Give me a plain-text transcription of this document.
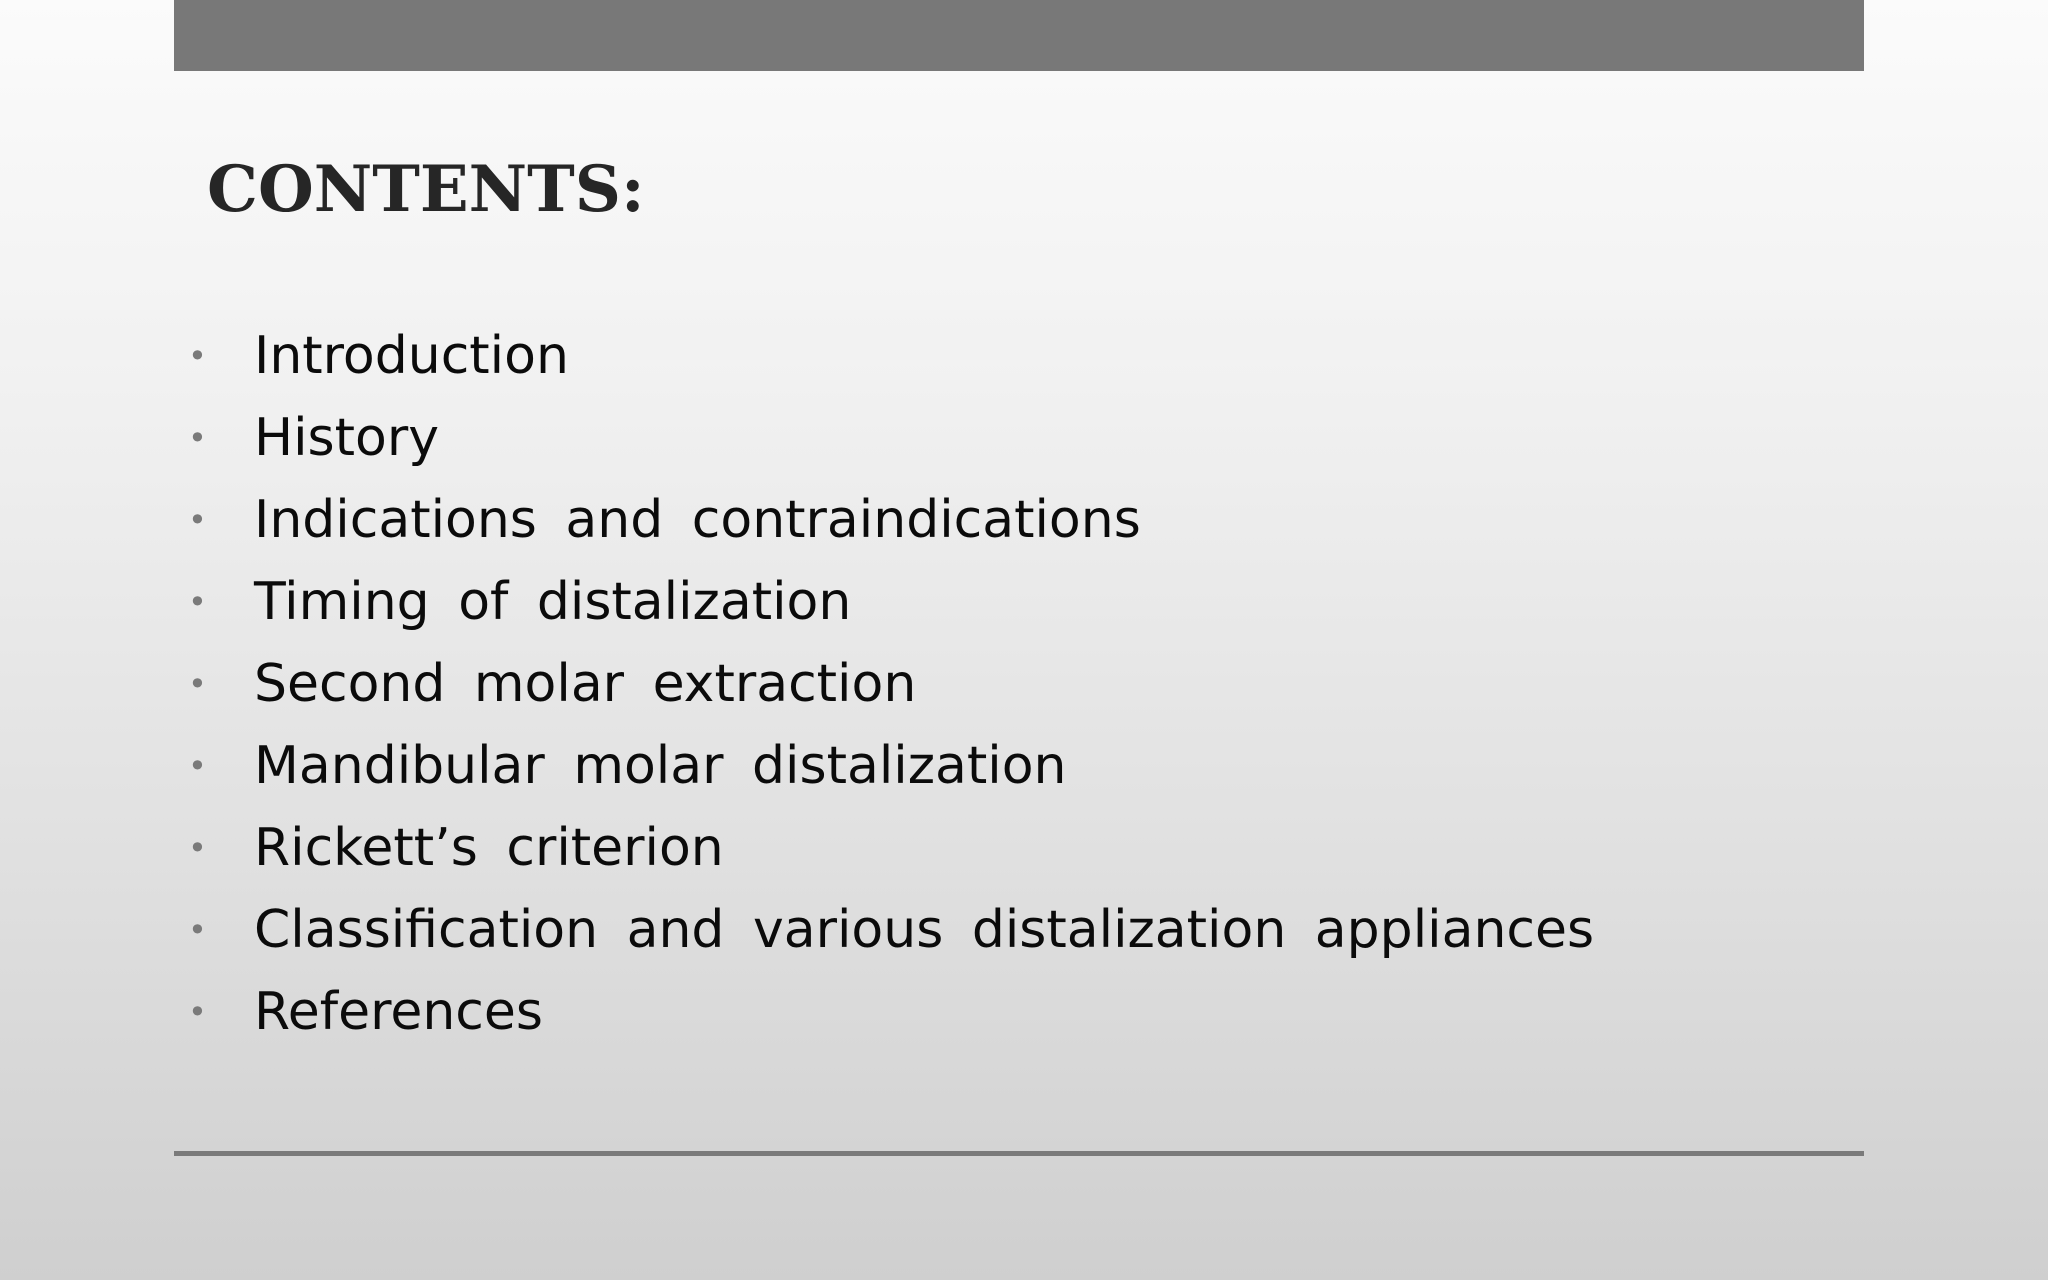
CONTENTS:
• Introduction
• History
• Indications and contraindications
• Timing of distalization
• Second molar extraction
• Mandibular molar distalization
• Rickett’s criterion
• Classification and various distalization appliances
• References
